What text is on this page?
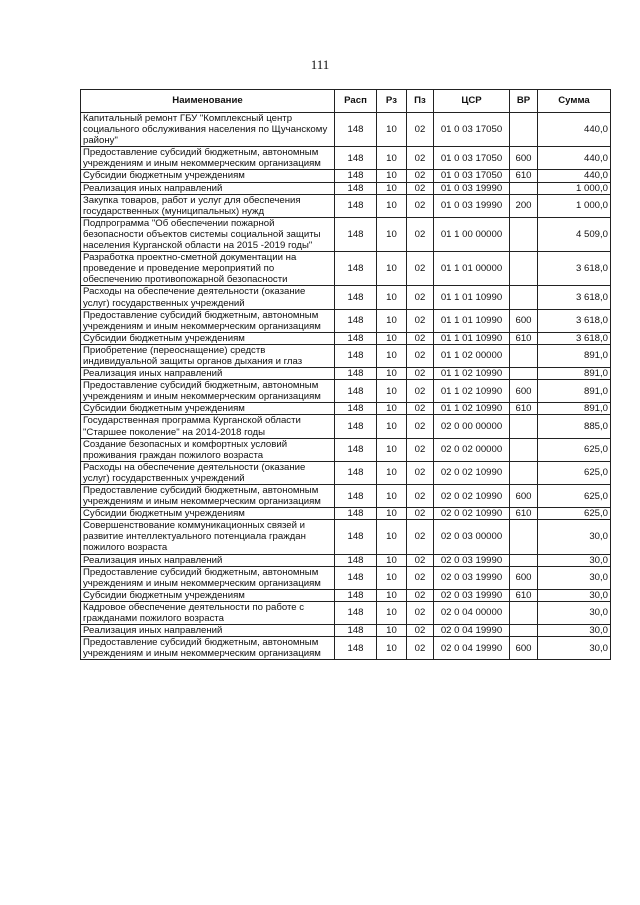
111
Наименование	Расп	Рз	Пз	ЦСР	ВР	Сумма
Капитальный ремонт ГБУ "Комплексный центр социального обслуживания населения по Щучанскому району"	148	10	02	01 0 03 17050		440,0
Предоставление субсидий бюджетным, автономным учреждениям и иным некоммерческим организациям	148	10	02	01 0 03 17050	600	440,0
Субсидии бюджетным учреждениям	148	10	02	01 0 03 17050	610	440,0
Реализация иных направлений	148	10	02	01 0 03 19990		1 000,0
Закупка товаров, работ и услуг для обеспечения государственных (муниципальных) нужд	148	10	02	01 0 03 19990	200	1 000,0
Подпрограмма "Об обеспечении пожарной безопасности объектов системы социальной защиты населения Курганской области на 2015 -2019 годы"	148	10	02	01 1 00 00000		4 509,0
Разработка проектно-сметной документации на проведение и проведение мероприятий по обеспечению противопожарной безопасности	148	10	02	01 1 01 00000		3 618,0
Расходы на обеспечение деятельности (оказание услуг) государственных учреждений	148	10	02	01 1 01 10990		3 618,0
Предоставление субсидий бюджетным, автономным учреждениям и иным некоммерческим организациям	148	10	02	01 1 01 10990	600	3 618,0
Субсидии бюджетным учреждениям	148	10	02	01 1 01 10990	610	3 618,0
Приобретение (переоснащение) средств индивидуальной защиты органов дыхания и глаз	148	10	02	01 1 02 00000		891,0
Реализация иных направлений	148	10	02	01 1 02 10990		891,0
Предоставление субсидий бюджетным, автономным учреждениям и иным некоммерческим организациям	148	10	02	01 1 02 10990	600	891,0
Субсидии бюджетным учреждениям	148	10	02	01 1 02 10990	610	891,0
Государственная программа Курганской области "Старшее поколение" на 2014-2018 годы	148	10	02	02 0 00 00000		885,0
Создание безопасных и комфортных условий проживания граждан пожилого возраста	148	10	02	02 0 02 00000		625,0
Расходы на обеспечение деятельности (оказание услуг) государственных учреждений	148	10	02	02 0 02 10990		625,0
Предоставление субсидий бюджетным, автономным учреждениям и иным некоммерческим организациям	148	10	02	02 0 02 10990	600	625,0
Субсидии бюджетным учреждениям	148	10	02	02 0 02 10990	610	625,0
Совершенствование коммуникационных связей и развитие интеллектуального потенциала граждан пожилого возраста	148	10	02	02 0 03 00000		30,0
Реализация иных направлений	148	10	02	02 0 03 19990		30,0
Предоставление субсидий бюджетным, автономным учреждениям и иным некоммерческим организациям	148	10	02	02 0 03 19990	600	30,0
Субсидии бюджетным учреждениям	148	10	02	02 0 03 19990	610	30,0
Кадровое обеспечение деятельности по работе с гражданами пожилого возраста	148	10	02	02 0 04 00000		30,0
Реализация иных направлений	148	10	02	02 0 04 19990		30,0
Предоставление субсидий бюджетным, автономным учреждениям и иным некоммерческим организациям	148	10	02	02 0 04 19990	600	30,0
